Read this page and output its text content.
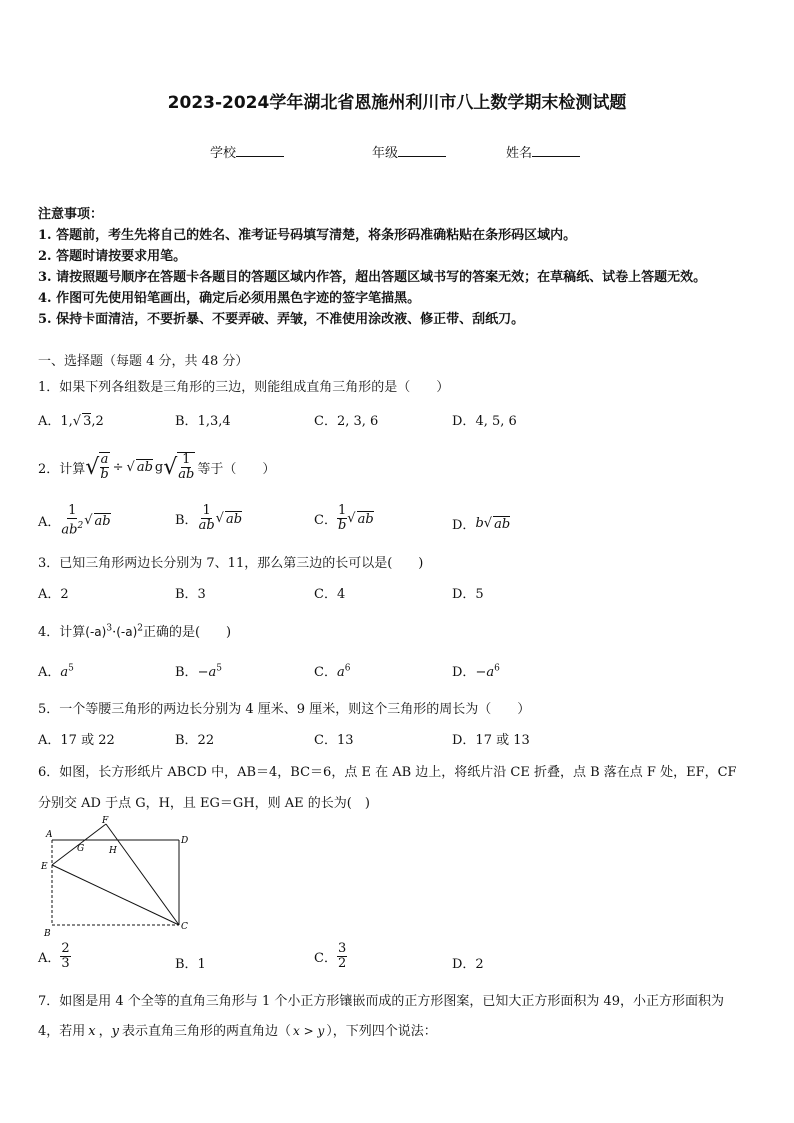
2023-2024学年湖北省恩施州利川市八上数学期末检测试题
学校	年级	姓名
注意事项：
1. 答题前，考生先将自己的姓名、准考证号码填写清楚，将条形码准确粘贴在条形码区域内。
2. 答题时请按要求用笔。
3. 请按照题号顺序在答题卡各题目的答题区域内作答，超出答题区域书写的答案无效；在草稿纸、试卷上答题无效。
4. 作图可先使用铅笔画出，确定后必须用黑色字迹的签字笔描黑。
5. 保持卡面清洁，不要折暴、不要弄破、弄皱，不准使用涂改液、修正带、刮纸刀。
一、选择题（每题 4 分，共 48 分）
1．如果下列各组数是三角形的三边，则能组成直角三角形的是（　　）
A．1,√ 3,2	B．1,3,4	C．2, 3, 6	D．4, 5, 6
2．计算 √ $\frac{a}{b}$ ÷ √ ab g √ $\frac{1}{ab}$ 等于（　　）
A． $\frac{1}{ab^2}$ √ ab	B． $\frac{1}{ab}$ √ ab	C． $\frac{1}{b}$ √ ab	D． b √ ab
3．已知三角形两边长分别为 7、11，那么第三边的长可以是(　　)
A．2	B．3	C．4	D．5
4．计算$(-a)^3\cdot(-a)^2$正确的是(　　)
A．$a^5$	B．$-a^5$	C．$a^6$	D．$-a^6$
5．一个等腰三角形的两边长分别为 4 厘米、9 厘米，则这个三角形的周长为（　　）
A．17 或 22	B．22	C．13	D．17 或 13
6．如图，长方形纸片 ABCD 中，AB＝4，BC＝6，点 E 在 AB 边上，将纸片沿 CE 折叠，点 B 落在点 F 处，EF，CF
分别交 AD 于点 G，H，且 EG＝GH，则 AE 的长为(　)
A
F
D
G	H
E
B
C
A． $\frac{2}{3}$	B．1	C． $\frac{3}{2}$	D．2
7．如图是用 4 个全等的直角三角形与 1 个小正方形镶嵌而成的正方形图案，已知大正方形面积为 49，小正方形面积为
4，若用 x ，y 表示直角三角形的两直角边（ x > y ），下列四个说法：
